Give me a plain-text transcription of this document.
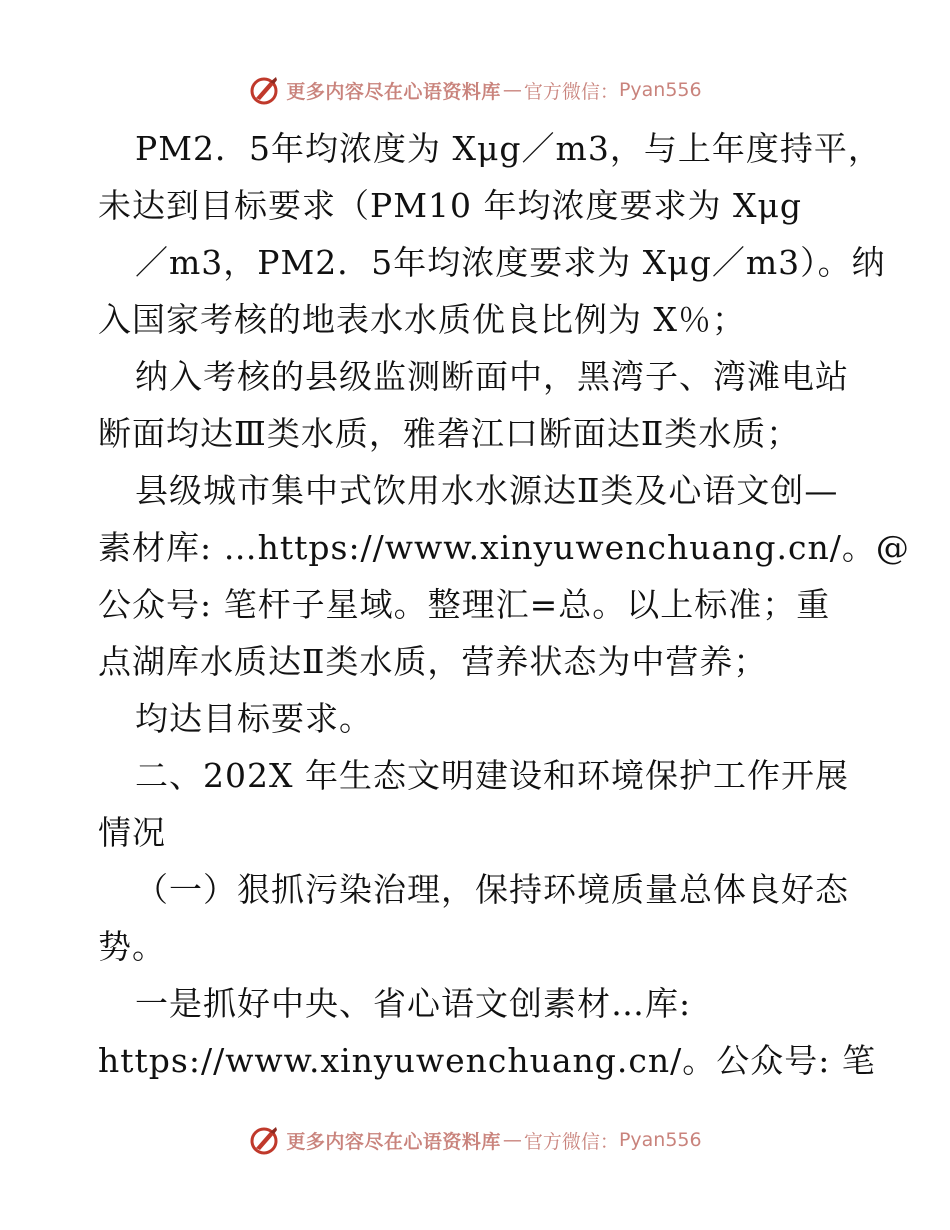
更多内容尽在心语资料库 — 官方微信： Pyan556
PM2．5年均浓度为 Xμg／m3，与上年度持平，
未达到目标要求（PM10 年均浓度要求为 Xμg
／m3，PM2．5年均浓度要求为 Xμg／m3）。纳
入国家考核的地表水水质优良比例为 X％；
纳入考核的县级监测断面中，黑湾子、湾滩电站
断面均达Ⅲ类水质，雅砻江口断面达Ⅱ类水质；
县级城市集中式饮用水水源达Ⅱ类及心语文创—
素材库: …https://www.xinyuwenchuang.cn/。@
公众号: 笔杆子星域。整理汇=总。以上标准；重
点湖库水质达Ⅱ类水质，营养状态为中营养；
均达目标要求。
二、202X 年生态文明建设和环境保护工作开展
情况
（一）狠抓污染治理，保持环境质量总体良好态
势。
一是抓好中央、省心语文创素材…库:
https://www.xinyuwenchuang.cn/。公众号: 笔
更多内容尽在心语资料库 — 官方微信： Pyan556
